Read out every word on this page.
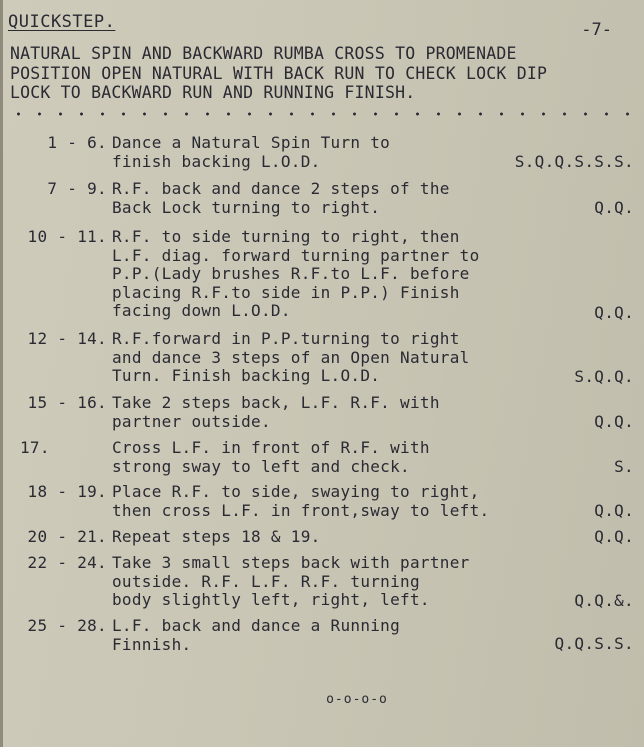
QUICKSTEP.	-7-
NATURAL SPIN AND BACKWARD RUMBA CROSS TO PROMENADE
POSITION OPEN NATURAL WITH BACK RUN TO CHECK LOCK DIP
LOCK TO BACKWARD RUN AND RUNNING FINISH.
1 - 6. Dance a Natural Spin Turn to
finish backing L.O.D.	S.Q.Q.S.S.S.
7 - 9. R.F. back and dance 2 steps of the
Back Lock turning to right.	Q.Q.
10 - 11. R.F. to side turning to right, then
L.F. diag. forward turning partner to
P.P.(Lady brushes R.F.to L.F. before
placing R.F.to side in P.P.) Finish
facing down L.O.D.	Q.Q.
12 - 14. R.F.forward in P.P.turning to right
and dance 3 steps of an Open Natural
Turn. Finish backing L.O.D.	S.Q.Q.
15 - 16. Take 2 steps back, L.F. R.F. with
partner outside.	Q.Q.
17.	Cross L.F. in front of R.F. with
strong sway to left and check.	S.
18 - 19. Place R.F. to side, swaying to right,
then cross L.F. in front,sway to left.	Q.Q.
20 - 21. Repeat steps 18 & 19.	Q.Q.
22 - 24. Take 3 small steps back with partner
outside. R.F. L.F. R.F. turning
body slightly left, right, left.	Q.Q.&.
25 - 28. L.F. back and dance a Running
Finnish.	Q.Q.S.S.
o-o-o-o
